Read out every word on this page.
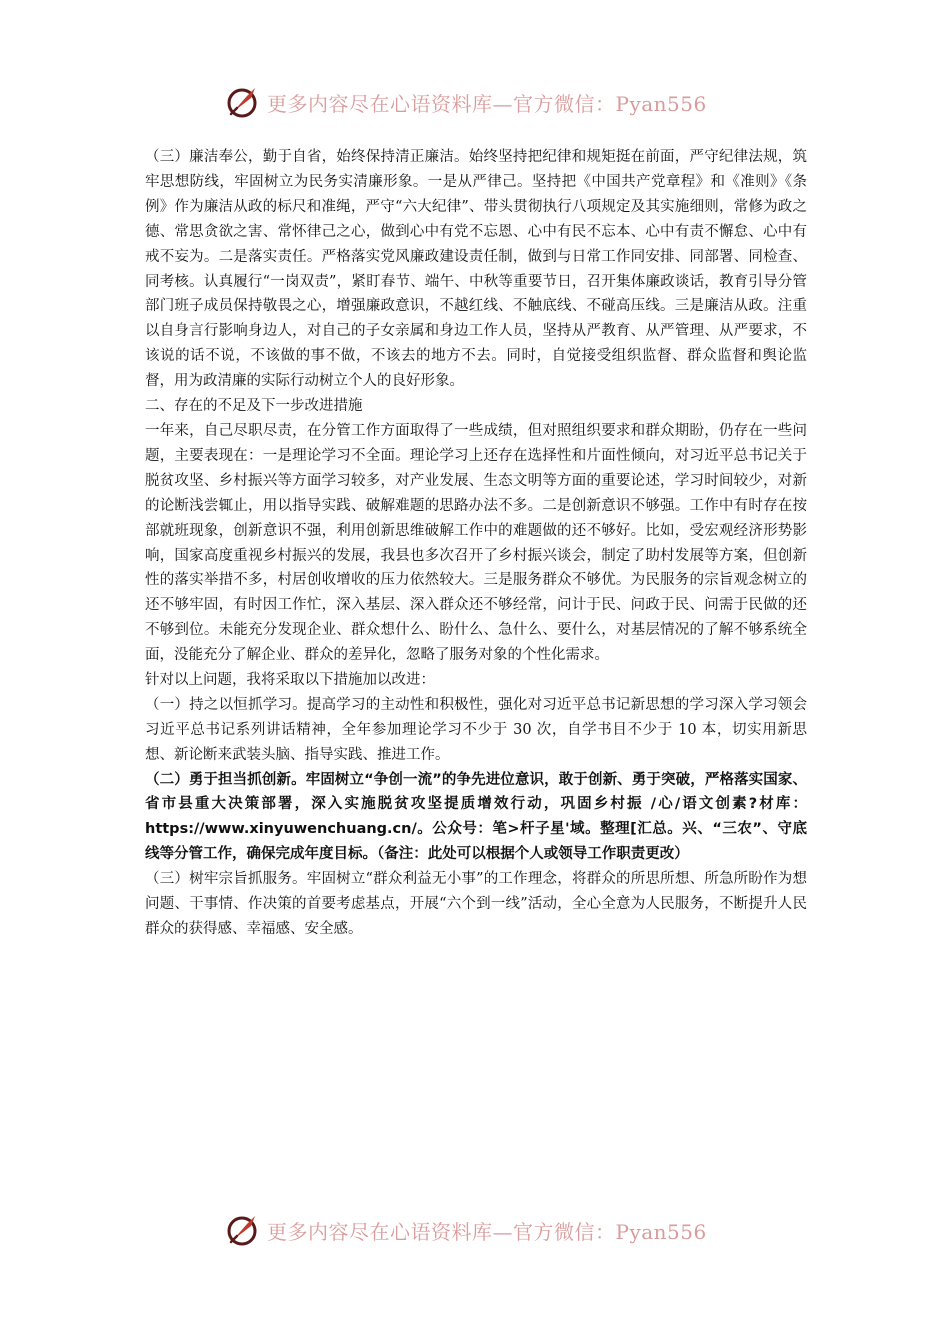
更多内容尽在心语资料库—官方微信：Pyan556

（三）廉洁奉公，勤于自省，始终保持清正廉洁。始终坚持把纪律和规矩挺在前面，严守纪律法规，筑牢思想防线，牢固树立为民务实清廉形象。一是从严律己。坚持把《中国共产党章程》和《准则》《条例》作为廉洁从政的标尺和准绳，严守“六大纪律”、带头贯彻执行八项规定及其实施细则，常修为政之德、常思贪欲之害、常怀律己之心，做到心中有党不忘恩、心中有民不忘本、心中有责不懈怠、心中有戒不妄为。二是落实责任。严格落实党风廉政建设责任制，做到与日常工作同安排、同部署、同检查、同考核。认真履行“一岗双责”，紧盯春节、端午、中秋等重要节日，召开集体廉政谈话，教育引导分管部门班子成员保持敬畏之心，增强廉政意识，不越红线、不触底线、不碰高压线。三是廉洁从政。注重以自身言行影响身边人，对自己的子女亲属和身边工作人员，坚持从严教育、从严管理、从严要求，不该说的话不说，不该做的事不做，不该去的地方不去。同时，自觉接受组织监督、群众监督和舆论监督，用为政清廉的实际行动树立个人的良好形象。

二、存在的不足及下一步改进措施

一年来，自己尽职尽责，在分管工作方面取得了一些成绩，但对照组织要求和群众期盼，仍存在一些问题，主要表现在：一是理论学习不全面。理论学习上还存在选择性和片面性倾向，对习近平总书记关于脱贫攻坚、乡村振兴等方面学习较多，对产业发展、生态文明等方面的重要论述，学习时间较少，对新的论断浅尝辄止，用以指导实践、破解难题的思路办法不多。二是创新意识不够强。工作中有时存在按部就班现象，创新意识不强，利用创新思维破解工作中的难题做的还不够好。比如，受宏观经济形势影响，国家高度重视乡村振兴的发展，我县也多次召开了乡村振兴谈会，制定了助村发展等方案，但创新性的落实举措不多，村居创收增收的压力依然较大。三是服务群众不够优。为民服务的宗旨观念树立的还不够牢固，有时因工作忙，深入基层、深入群众还不够经常，问计于民、问政于民、问需于民做的还不够到位。未能充分发现企业、群众想什么、盼什么、急什么、要什么，对基层情况的了解不够系统全面，没能充分了解企业、群众的差异化，忽略了服务对象的个性化需求。

针对以上问题，我将采取以下措施加以改进：

（一）持之以恒抓学习。提高学习的主动性和积极性，强化对习近平总书记新思想的学习深入学习领会习近平总书记系列讲话精神，全年参加理论学习不少于 30 次，自学书目不少于 10 本，切实用新思想、新论断来武装头脑、指导实践、推进工作。

（二）勇于担当抓创新。牢固树立“争创一流”的争先进位意识，敢于创新、勇于突破，严格落实国家、省市县重大决策部署，深入实施脱贫攻坚提质增效行动，巩固乡村振 /心/语文创素?材库：https://www.xinyuwenchuang.cn/。公众号：笔>杆子星'域。整理[汇总。兴、“三农”、守底线等分管工作，确保完成年度目标。（备注：此处可以根据个人或领导工作职责更改）

（三）树牢宗旨抓服务。牢固树立“群众利益无小事”的工作理念，将群众的所思所想、所急所盼作为想问题、干事情、作决策的首要考虑基点，开展“六个到一线”活动，全心全意为人民服务，不断提升人民群众的获得感、幸福感、安全感。

更多内容尽在心语资料库—官方微信：Pyan556
